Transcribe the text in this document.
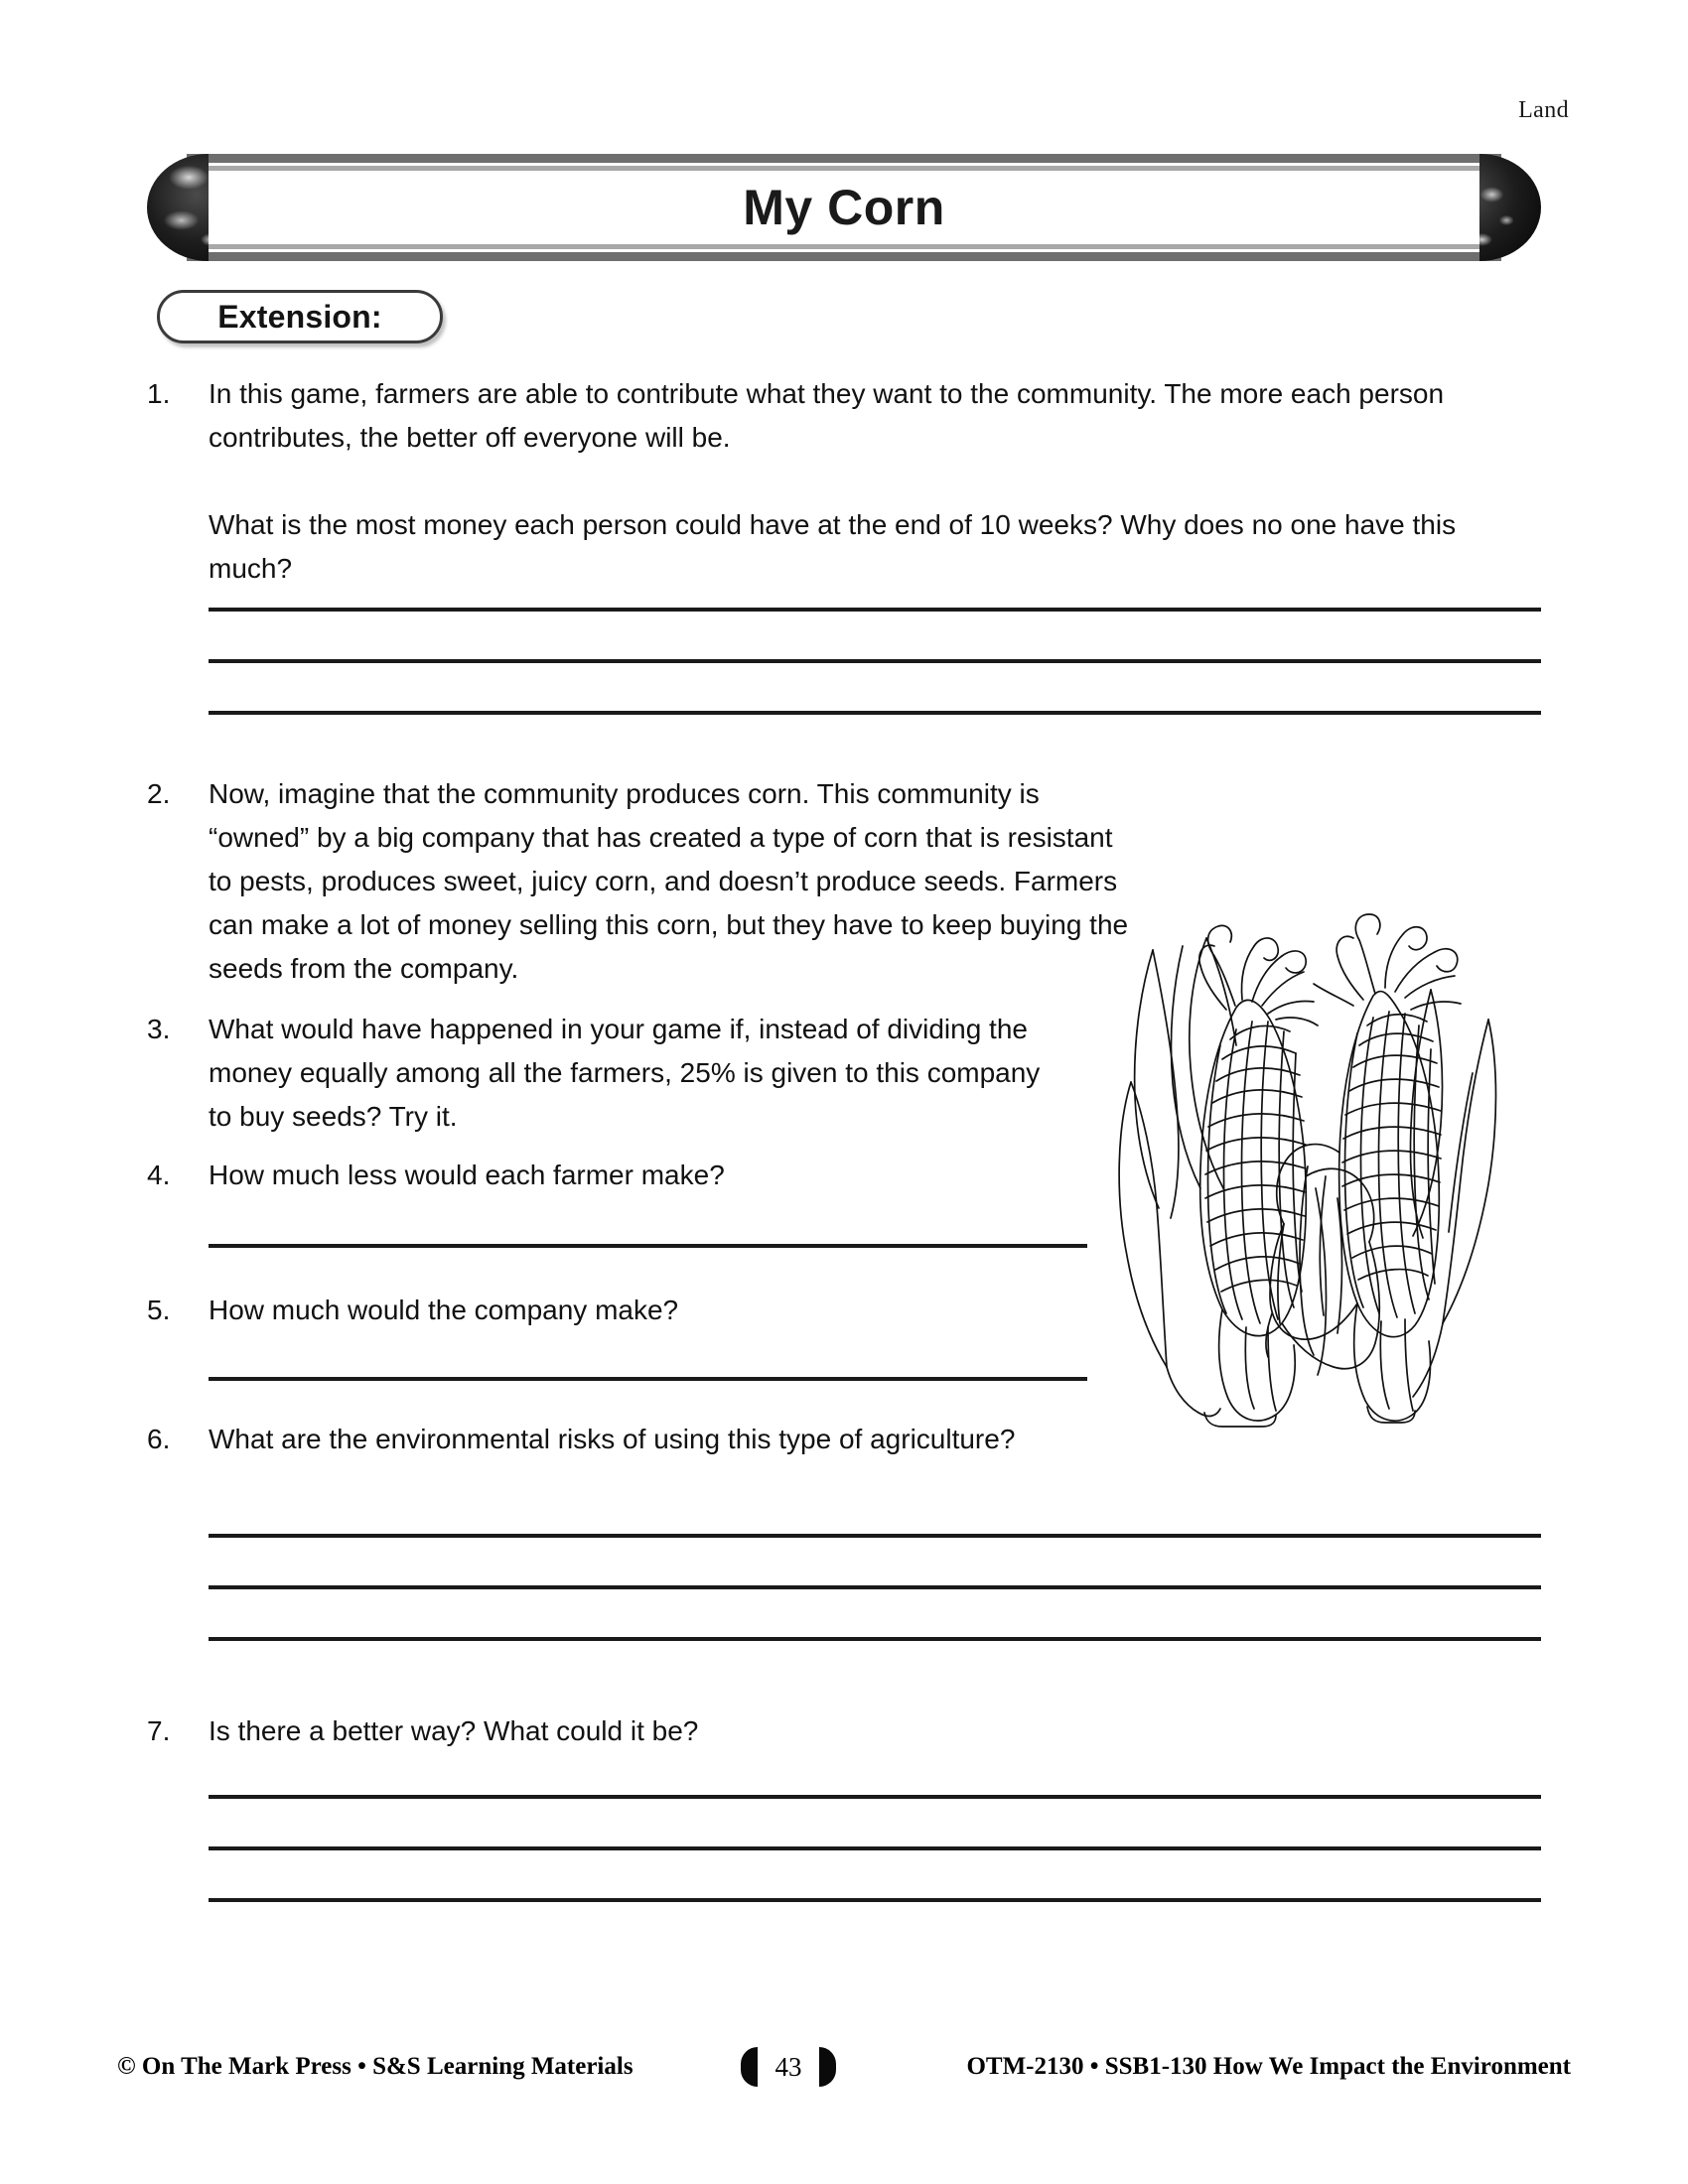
Land
My Corn
Extension:
1.	In this game, farmers are able to contribute what they want to the community. The more each person contributes, the better off everyone will be.
What is the most money each person could have at the end of 10 weeks? Why does no one have this much?
2.	Now, imagine that the community produces corn. This community is “owned” by a big company that has created a type of corn that is resistant to pests, produces sweet, juicy corn, and doesn’t produce seeds. Farmers can make a lot of money selling this corn, but they have to keep buying the seeds from the company.
3.	What would have happened in your game if, instead of dividing the money equally among all the farmers, 25% is given to this company to buy seeds? Try it.
4.	How much less would each farmer make?
5.	How much would the company make?
6.	What are the environmental risks of using this type of agriculture?
7.	Is there a better way? What could it be?
© On The Mark Press • S&S Learning Materials	43	OTM-2130 • SSB1-130 How We Impact the Environment
